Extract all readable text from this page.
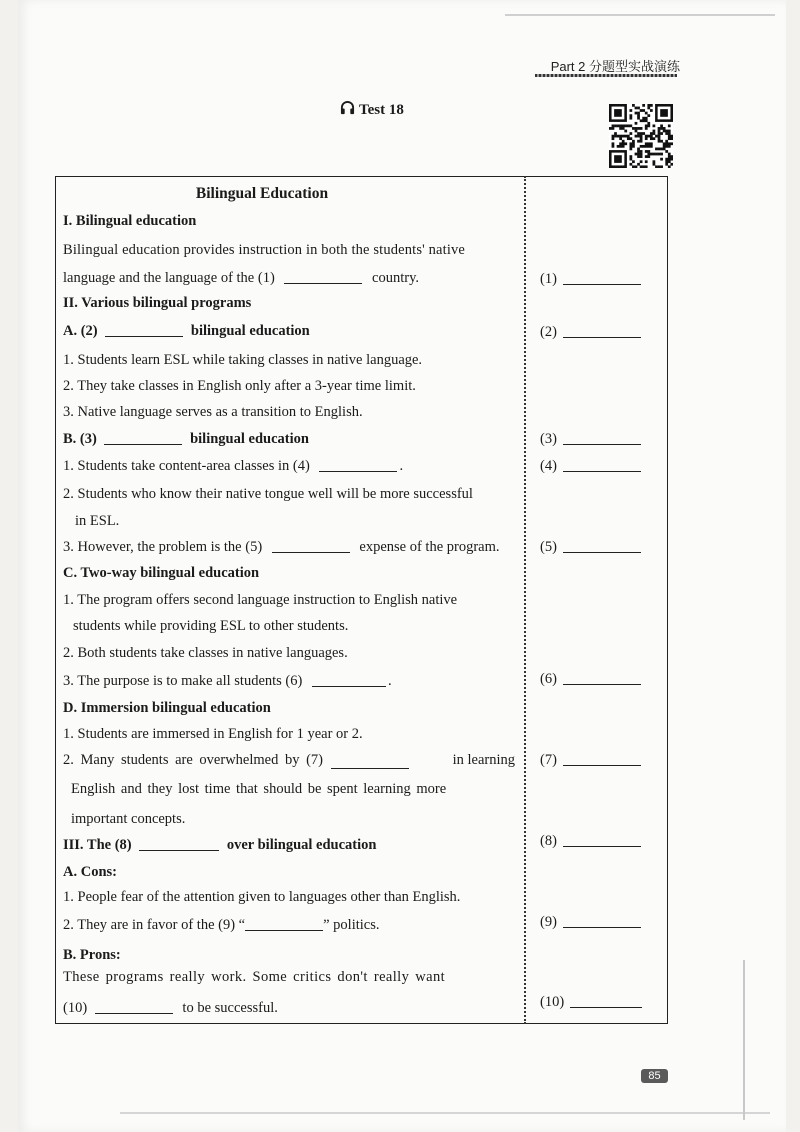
Part 2 分题型实战演练
Test 18
Bilingual Education
I. Bilingual education
Bilingual education provides instruction in both the students' native
language and the language of the (1)	country.
II. Various bilingual programs
A. (2)	bilingual education
1. Students learn ESL while taking classes in native language.
2. They take classes in English only after a 3-year time limit.
3. Native language serves as a transition to English.
B. (3)	bilingual education
1. Students take content-area classes in (4)	.
2. Students who know their native tongue well will be more successful
in ESL.
3. However, the problem is the (5)	expense of the program.
C. Two-way bilingual education
1. The program offers second language instruction to English native
students while providing ESL to other students.
2. Both students take classes in native languages.
3. The purpose is to make all students (6)	.
D. Immersion bilingual education
1. Students are immersed in English for 1 year or 2.
2. Many students are overwhelmed by (7)	in learning
English and they lost time that should be spent learning more
important concepts.
III. The (8)	over bilingual education
A. Cons:
1. People fear of the attention given to languages other than English.
2. They are in favor of the (9) “	” politics.
B. Prons:
These programs really work. Some critics don't really want
(10)	to be successful.
(1)
(2)
(3)
(4)
(5)
(6)
(7)
(8)
(9)
(10)
85
